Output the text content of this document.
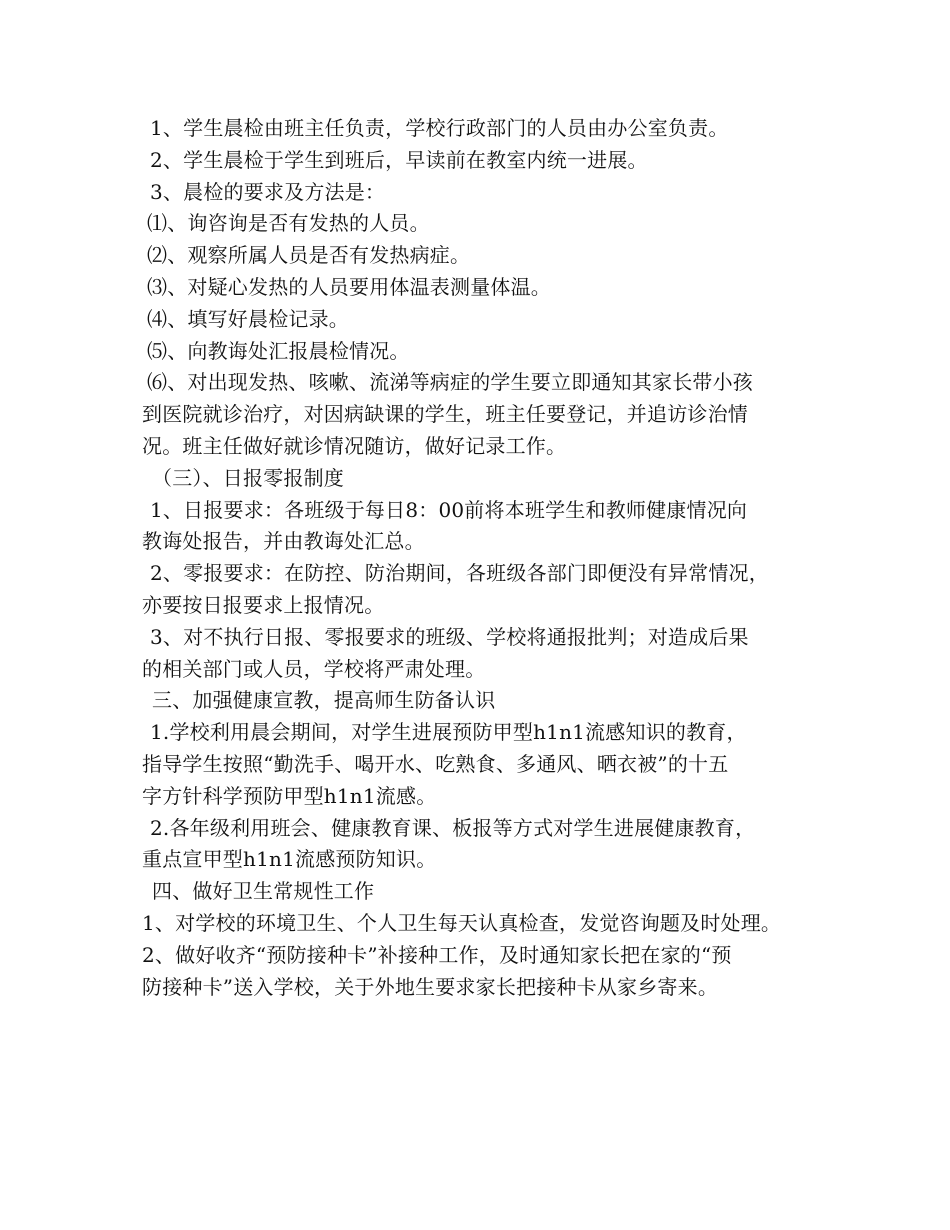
1、学生晨检由班主任负责，学校行政部门的人员由办公室负责。
2、学生晨检于学生到班后，早读前在教室内统一进展。
3、晨检的要求及方法是：
⑴、询咨询是否有发热的人员。
⑵、观察所属人员是否有发热病症。
⑶、对疑心发热的人员要用体温表测量体温。
⑷、填写好晨检记录。
⑸、向教诲处汇报晨检情况。
⑹、对出现发热、咳嗽、流涕等病症的学生要立即通知其家长带小孩
到医院就诊治疗，对因病缺课的学生，班主任要登记，并追访诊治情
况。班主任做好就诊情况随访，做好记录工作。
（三）、日报零报制度
1、日报要求：各班级于每日8：00前将本班学生和教师健康情况向
教诲处报告，并由教诲处汇总。
2、零报要求：在防控、防治期间，各班级各部门即便没有异常情况，
亦要按日报要求上报情况。
3、对不执行日报、零报要求的班级、学校将通报批判；对造成后果
的相关部门或人员，学校将严肃处理。
三、加强健康宣教，提高师生防备认识
1.学校利用晨会期间，对学生进展预防甲型h1n1流感知识的教育，
指导学生按照“勤洗手、喝开水、吃熟食、多通风、晒衣被”的十五
字方针科学预防甲型h1n1流感。
2.各年级利用班会、健康教育课、板报等方式对学生进展健康教育，
重点宣甲型h1n1流感预防知识。
四、做好卫生常规性工作
1、对学校的环境卫生、个人卫生每天认真检查，发觉咨询题及时处理。
2、做好收齐“预防接种卡”补接种工作，及时通知家长把在家的“预
防接种卡”送入学校，关于外地生要求家长把接种卡从家乡寄来。
